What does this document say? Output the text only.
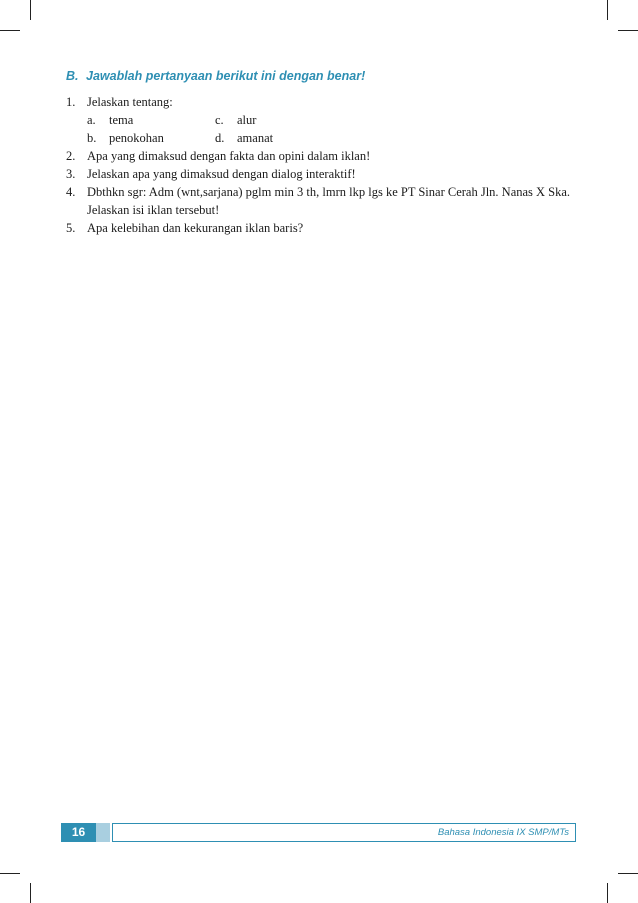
B. Jawablah pertanyaan berikut ini dengan benar!
1. Jelaskan tentang:
a. tema	c. alur
b. penokohan	d. amanat
2. Apa yang dimaksud dengan fakta dan opini dalam iklan!
3. Jelaskan apa yang dimaksud dengan dialog interaktif!
4. Dbthkn sgr: Adm (wnt,sarjana) pglm min 3 th, lmrn lkp lgs ke PT Sinar Cerah Jln. Nanas X Ska.
Jelaskan isi iklan tersebut!
5. Apa kelebihan dan kekurangan iklan baris?
16	Bahasa Indonesia IX SMP/MTs
